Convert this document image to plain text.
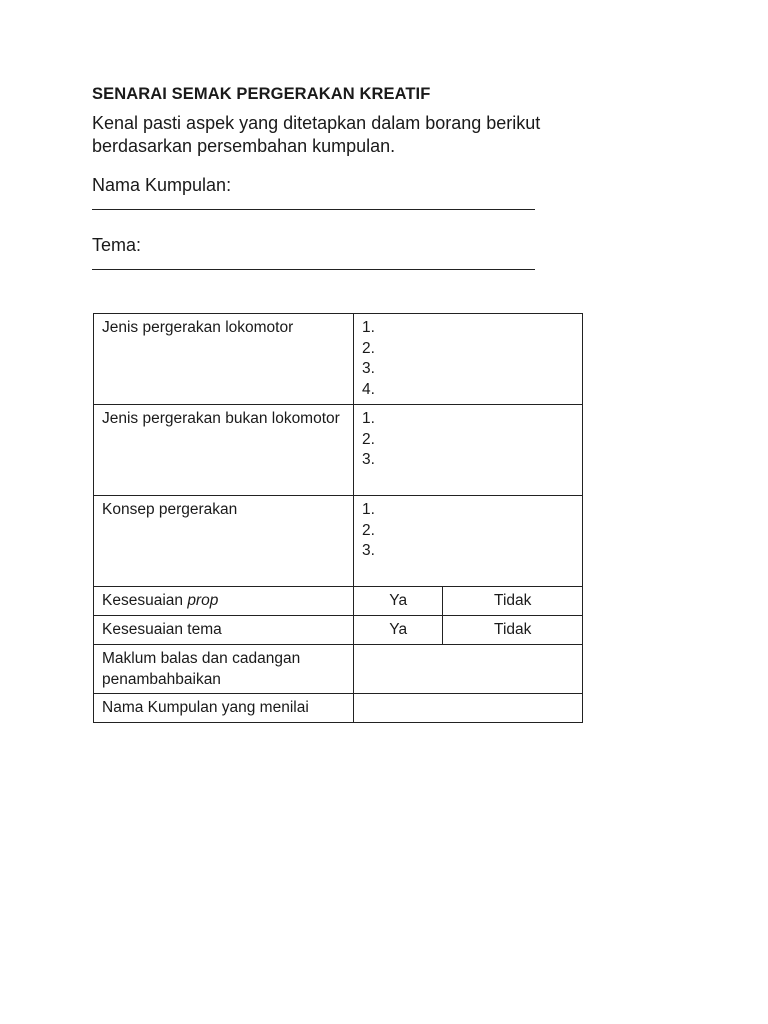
SENARAI SEMAK PERGERAKAN KREATIF
Kenal pasti aspek yang ditetapkan dalam borang berikut berdasarkan persembahan kumpulan.
Nama Kumpulan:
Tema:
Jenis pergerakan lokomotor	1.
2.
3.
4.	

Jenis pergerakan bukan lokomotor	1.
2.
3.	

Konsep pergerakan	1.
2.
3.	

Kesesuaian prop	Ya	Tidak
Kesesuaian tema	Ya	Tidak
Maklum balas dan cadangan penambahbaikan		
Nama Kumpulan yang menilai		
